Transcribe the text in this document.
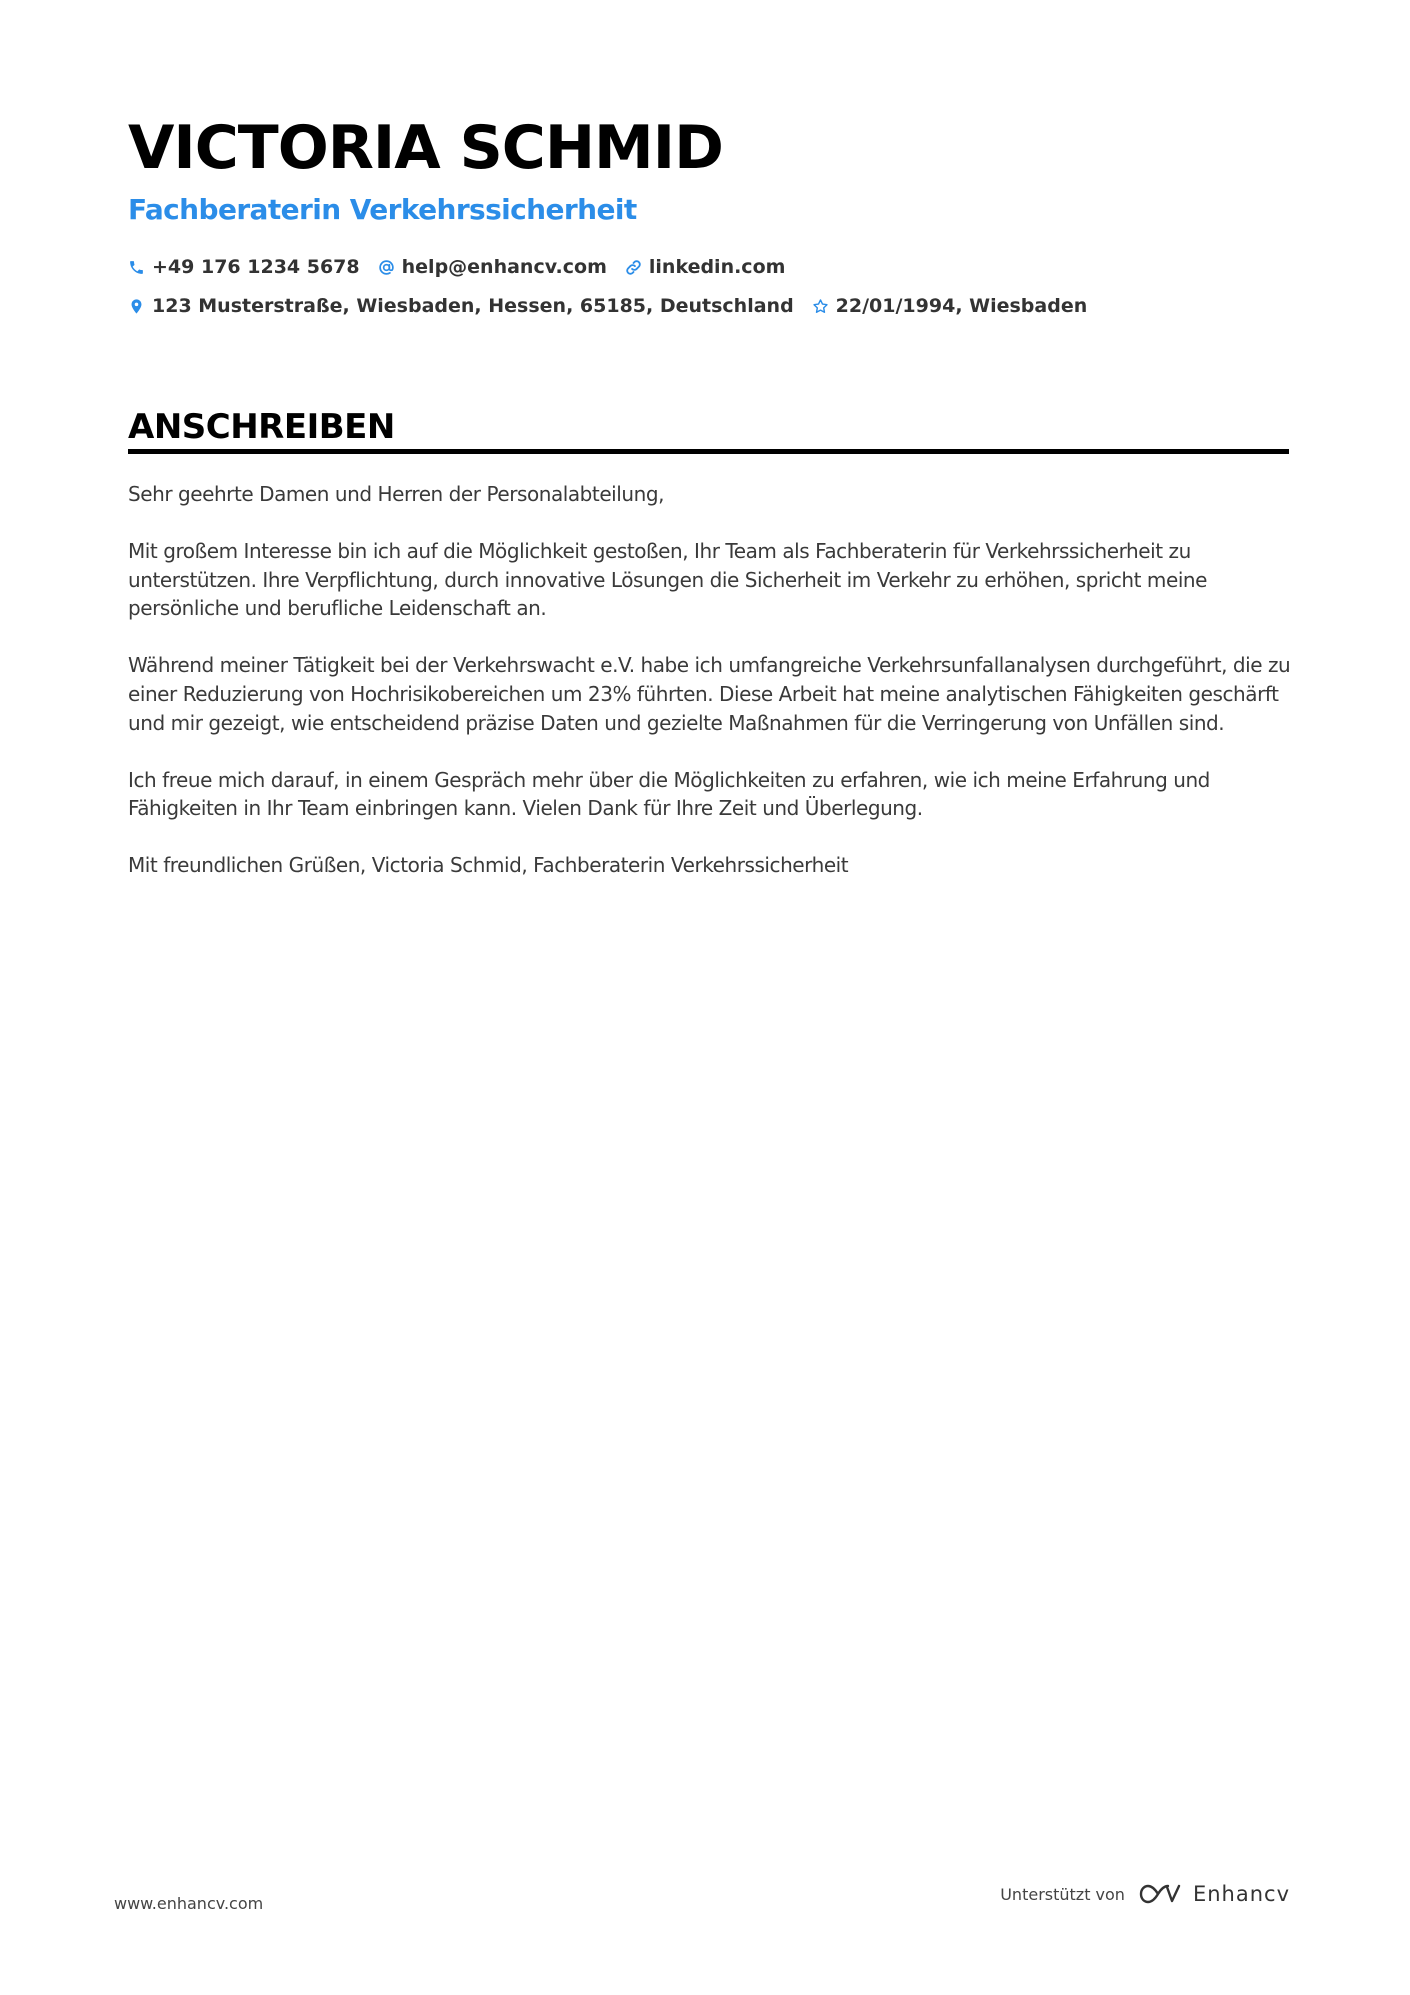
VICTORIA SCHMID
Fachberaterin Verkehrssicherheit
+49 176 1234 5678 help@enhancv.com linkedin.com
123 Musterstraße, Wiesbaden, Hessen, 65185, Deutschland 22/01/1994, Wiesbaden
ANSCHREIBEN

Sehr geehrte Damen und Herren der Personalabteilung,

Mit großem Interesse bin ich auf die Möglichkeit gestoßen, Ihr Team als Fachberaterin für Verkehrssicherheit zu unterstützen. Ihre Verpflichtung, durch innovative Lösungen die Sicherheit im Verkehr zu erhöhen, spricht meine persönliche und berufliche Leidenschaft an.

Während meiner Tätigkeit bei der Verkehrswacht e.V. habe ich umfangreiche Verkehrsunfallanalysen durchgeführt, die zu einer Reduzierung von Hochrisikobereichen um 23% führten. Diese Arbeit hat meine analytischen Fähigkeiten geschärft und mir gezeigt, wie entscheidend präzise Daten und gezielte Maßnahmen für die Verringerung von Unfällen sind.

Ich freue mich darauf, in einem Gespräch mehr über die Möglichkeiten zu erfahren, wie ich meine Erfahrung und Fähigkeiten in Ihr Team einbringen kann. Vielen Dank für Ihre Zeit und Überlegung.

Mit freundlichen Grüßen, Victoria Schmid, Fachberaterin Verkehrssicherheit

www.enhancv.com	Unterstützt von	Enhancv
